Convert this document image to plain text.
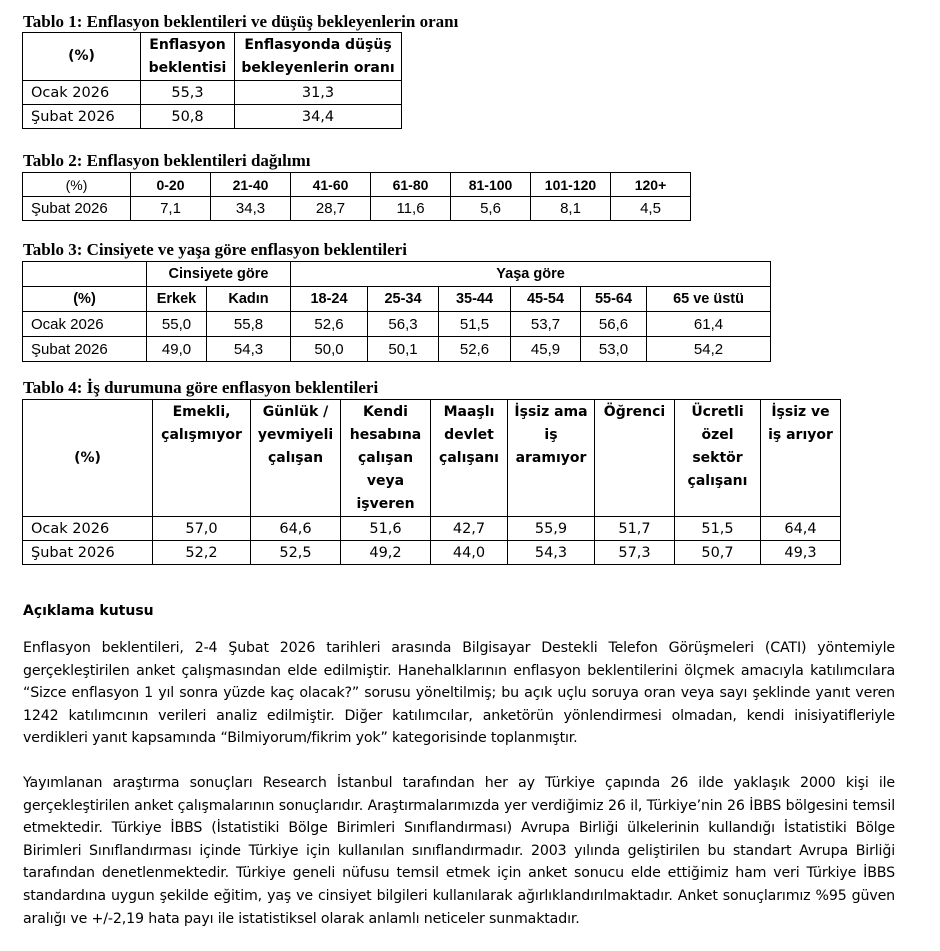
Tablo 1: Enflasyon beklentileri ve düşüş bekleyenlerin oranı
(%)	Enflasyon beklentisi	Enflasyonda düşüş bekleyenlerin oranı
Ocak 2026	55,3	31,3
Şubat 2026	50,8	34,4
Tablo 2: Enflasyon beklentileri dağılımı
(%)	0-20	21-40	41-60	61-80	81-100	101-120	120+
Şubat 2026	7,1	34,3	28,7	11,6	5,6	8,1	4,5
Tablo 3: Cinsiyete ve yaşa göre enflasyon beklentileri
	Cinsiyete göre		Yaşa göre					
(%)	Erkek	Kadın	18-24	25-34	35-44	45-54	55-64	65 ve üstü
Ocak 2026	55,0	55,8	52,6	56,3	51,5	53,7	56,6	61,4
Şubat 2026	49,0	54,3	50,0	50,1	52,6	45,9	53,0	54,2
Tablo 4: İş durumuna göre enflasyon beklentileri
(%)	Emekli, çalışmıyor	Günlük / yevmiyeli çalışan	Kendi hesabına çalışan veya işveren	Maaşlı devlet çalışanı	İşsiz ama iş aramıyor	Öğrenci	Ücretli özel sektör çalışanı	İşsiz ve iş arıyor
Ocak 2026	57,0	64,6	51,6	42,7	55,9	51,7	51,5	64,4
Şubat 2026	52,2	52,5	49,2	44,0	54,3	57,3	50,7	49,3
Açıklama kutusu

Enflasyon beklentileri, 2-4 Şubat 2026 tarihleri arasında Bilgisayar Destekli Telefon Görüşmeleri (CATI) yöntemiyle gerçekleştirilen anket çalışmasından elde edilmiştir. Hanehalklarının enflasyon beklentilerini ölçmek amacıyla katılımcılara “Sizce enflasyon 1 yıl sonra yüzde kaç olacak?” sorusu yöneltilmiş; bu açık uçlu soruya oran veya sayı şeklinde yanıt veren 1242 katılımcının verileri analiz edilmiştir. Diğer katılımcılar, anketörün yönlendirmesi olmadan, kendi inisiyatifleriyle verdikleri yanıt kapsamında “Bilmiyorum/fikrim yok” kategorisinde toplanmıştır.

Yayımlanan araştırma sonuçları Research İstanbul tarafından her ay Türkiye çapında 26 ilde yaklaşık 2000 kişi ile gerçekleştirilen anket çalışmalarının sonuçlarıdır. Araştırmalarımızda yer verdiğimiz 26 il, Türkiye’nin 26 İBBS bölgesini temsil etmektedir. Türkiye İBBS (İstatistiki Bölge Birimleri Sınıflandırması) Avrupa Birliği ülkelerinin kullandığı İstatistiki Bölge Birimleri Sınıflandırması içinde Türkiye için kullanılan sınıflandırmadır. 2003 yılında geliştirilen bu standart Avrupa Birliği tarafından denetlenmektedir. Türkiye geneli nüfusu temsil etmek için anket sonucu elde ettiğimiz ham veri Türkiye İBBS standardına uygun şekilde eğitim, yaş ve cinsiyet bilgileri kullanılarak ağırlıklandırılmaktadır. Anket sonuçlarımız %95 güven aralığı ve +/-2,19 hata payı ile istatistiksel olarak anlamlı neticeler sunmaktadır.
